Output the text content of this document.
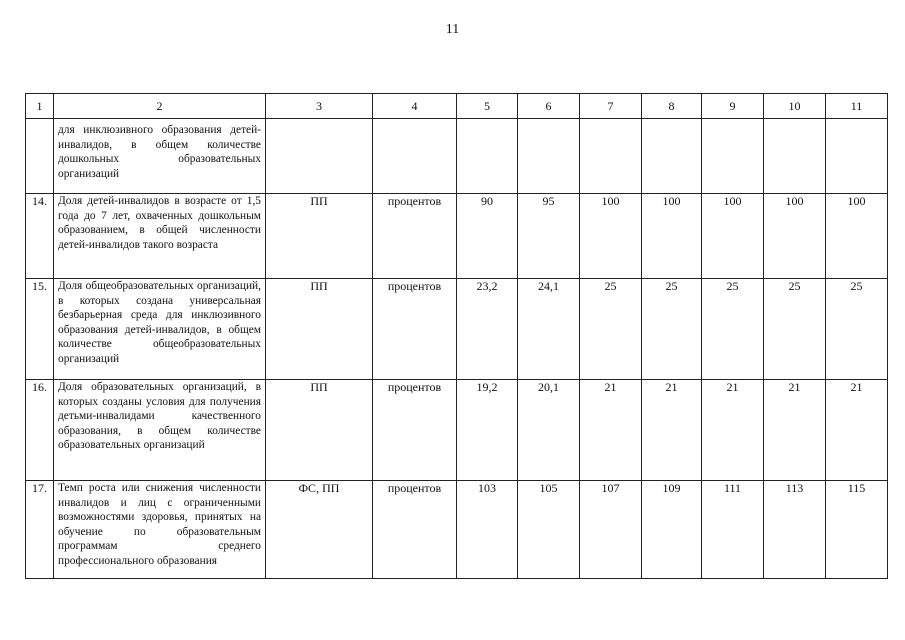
11
1	2	3	4	5	6	7	8	9	10	11
	для инклюзивного образования детей-инвалидов, в общем количестве дошкольных образовательных организаций									
14.	Доля детей-инвалидов в возрасте от 1,5 года до 7 лет, охваченных дошкольным образованием, в общей численности детей-инвалидов такого возраста	ПП	процентов	90	95	100	100	100	100	100
15.	Доля общеобразовательных организаций, в которых создана универсальная безбарьерная среда для инклюзивного образования детей-инвалидов, в общем количестве общеобразовательных организаций	ПП	процентов	23,2	24,1	25	25	25	25	25
16.	Доля образовательных организаций, в которых созданы условия для получения детьми-инвалидами качественного образования, в общем количестве образовательных организаций	ПП	процентов	19,2	20,1	21	21	21	21	21
17.	Темп роста или снижения численности инвалидов и лиц с ограниченными возможностями здоровья, принятых на обучение по образовательным программам среднего профессионального образования	ФС, ПП	процентов	103	105	107	109	111	113	115
